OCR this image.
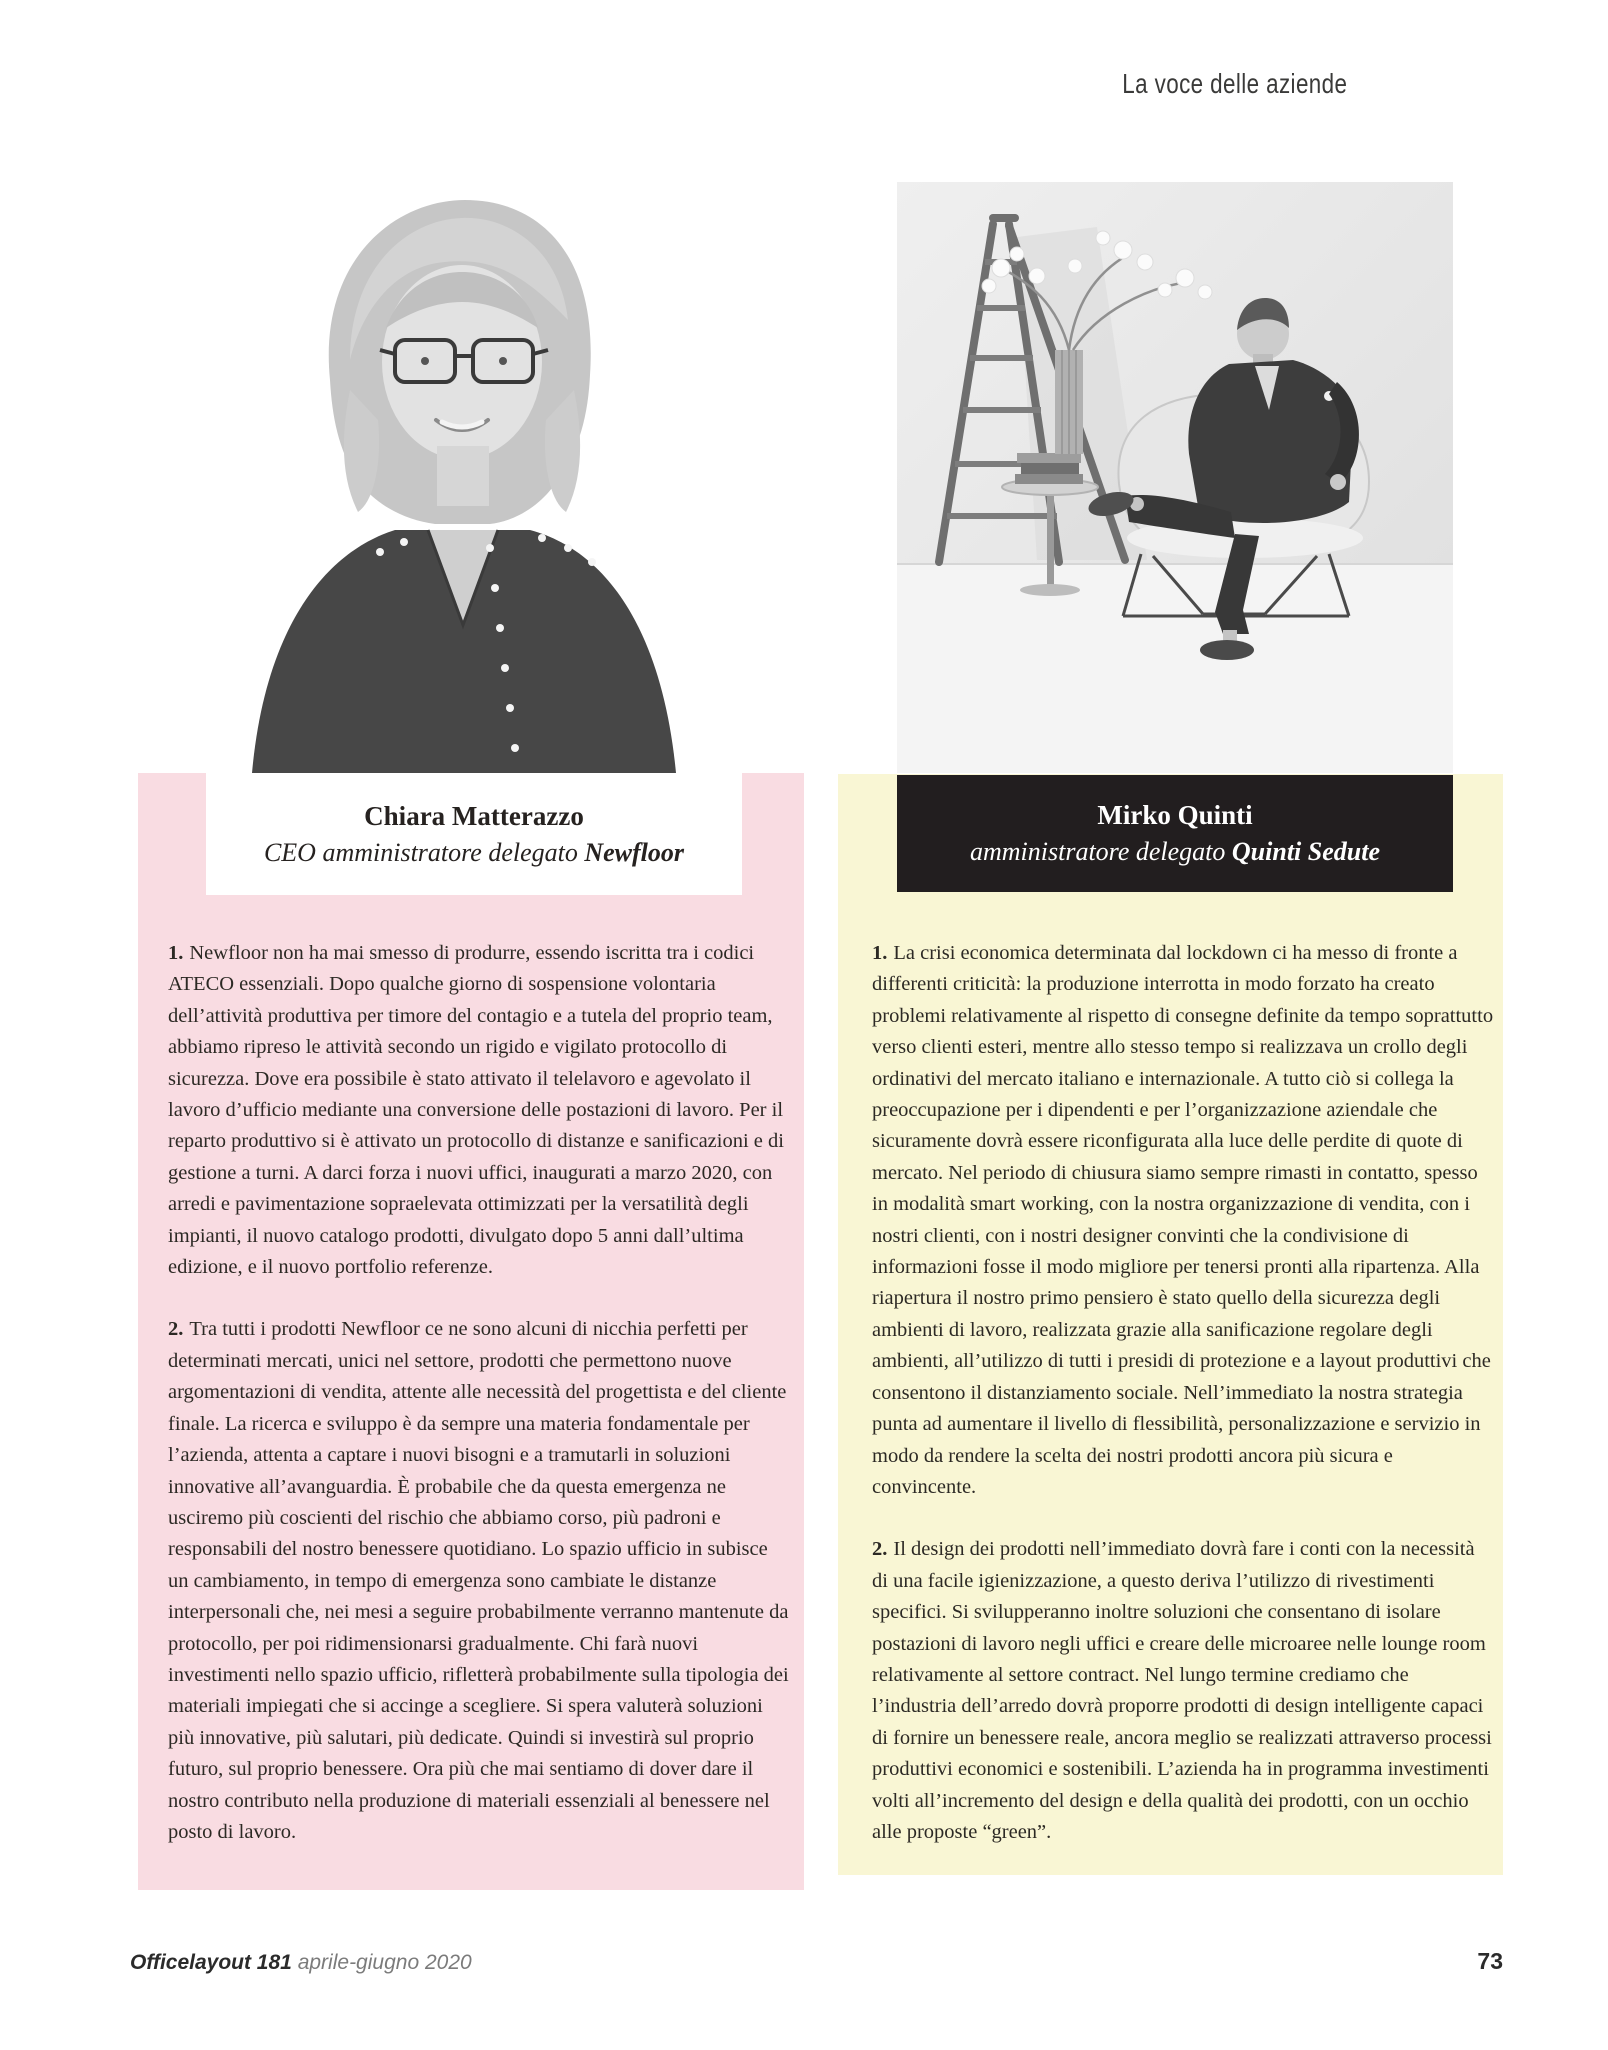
La voce delle aziende
Chiara Matterazzo
CEO amministratore delegato Newfloor
Mirko Quinti
amministratore delegato Quinti Sedute

1. Newfloor non ha mai smesso di produrre, essendo iscritta tra i codici ATECO essenziali. Dopo qualche giorno di sospensione volontaria dell’attività produttiva per timore del contagio e a tutela del proprio team, abbiamo ripreso le attività secondo un rigido e vigilato protocollo di sicurezza. Dove era possibile è stato attivato il telelavoro e agevolato il lavoro d’ufficio mediante una conversione delle postazioni di lavoro. Per il reparto produttivo si è attivato un protocollo di distanze e sanificazioni e di gestione a turni. A darci forza i nuovi uffici, inaugurati a marzo 2020, con arredi e pavimentazione sopraelevata ottimizzati per la versatilità degli impianti, il nuovo catalogo prodotti, divulgato dopo 5 anni dall’ultima edizione, e il nuovo portfolio referenze.

2. Tra tutti i prodotti Newfloor ce ne sono alcuni di nicchia perfetti per determinati mercati, unici nel settore, prodotti che permettono nuove argomentazioni di vendita, attente alle necessità del progettista e del cliente finale. La ricerca e sviluppo è da sempre una materia fondamentale per l’azienda, attenta a captare i nuovi bisogni e a tramutarli in soluzioni innovative all’avanguardia. È probabile che da questa emergenza ne usciremo più coscienti del rischio che abbiamo corso, più padroni e responsabili del nostro benessere quotidiano. Lo spazio ufficio in subisce un cambiamento, in tempo di emergenza sono cambiate le distanze interpersonali che, nei mesi a seguire probabilmente verranno mantenute da protocollo, per poi ridimensionarsi gradualmente. Chi farà nuovi investimenti nello spazio ufficio, rifletterà probabilmente sulla tipologia dei materiali impiegati che si accinge a scegliere. Si spera valuterà soluzioni più innovative, più salutari, più dedicate. Quindi si investirà sul proprio futuro, sul proprio benessere. Ora più che mai sentiamo di dover dare il nostro contributo nella produzione di materiali essenziali al benessere nel posto di lavoro.

1. La crisi economica determinata dal lockdown ci ha messo di fronte a differenti criticità: la produzione interrotta in modo forzato ha creato problemi relativamente al rispetto di consegne definite da tempo soprattutto verso clienti esteri, mentre allo stesso tempo si realizzava un crollo degli ordinativi del mercato italiano e internazionale. A tutto ciò si collega la preoccupazione per i dipendenti e per l’organizzazione aziendale che sicuramente dovrà essere riconfigurata alla luce delle perdite di quote di mercato. Nel periodo di chiusura siamo sempre rimasti in contatto, spesso in modalità smart working, con la nostra organizzazione di vendita, con i nostri clienti, con i nostri designer convinti che la condivisione di informazioni fosse il modo migliore per tenersi pronti alla ripartenza. Alla riapertura il nostro primo pensiero è stato quello della sicurezza degli ambienti di lavoro, realizzata grazie alla sanificazione regolare degli ambienti, all’utilizzo di tutti i presidi di protezione e a layout produttivi che consentono il distanziamento sociale. Nell’immediato la nostra strategia punta ad aumentare il livello di flessibilità, personalizzazione e servizio in modo da rendere la scelta dei nostri prodotti ancora più sicura e convincente.

2. Il design dei prodotti nell’immediato dovrà fare i conti con la necessità di una facile igienizzazione, a questo deriva l’utilizzo di rivestimenti specifici. Si svilupperanno inoltre soluzioni che consentano di isolare postazioni di lavoro negli uffici e creare delle microaree nelle lounge room relativamente al settore contract. Nel lungo termine crediamo che l’industria dell’arredo dovrà proporre prodotti di design intelligente capaci di fornire un benessere reale, ancora meglio se realizzati attraverso processi produttivi economici e sostenibili. L’azienda ha in programma investimenti volti all’incremento del design e della qualità dei prodotti, con un occhio alle proposte “green”.

Officelayout 181 aprile-giugno 2020	73
